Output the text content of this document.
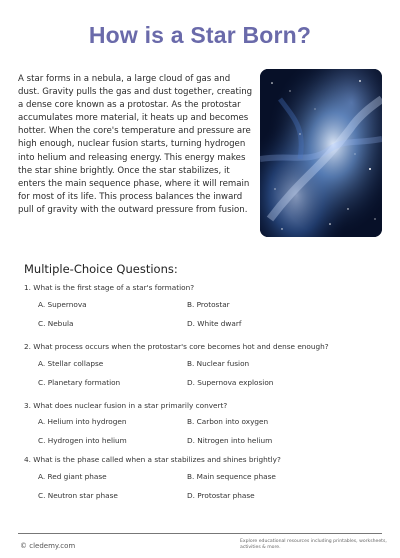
How is a Star Born?

A star forms in a nebula, a large cloud of gas and dust. Gravity pulls the gas and dust together, creating a dense core known as a protostar. As the protostar accumulates more material, it heats up and becomes hotter. When the core's temperature and pressure are high enough, nuclear fusion starts, turning hydrogen into helium and releasing energy. This energy makes the star shine brightly. Once the star stabilizes, it enters the main sequence phase, where it will remain for most of its life. This process balances the inward pull of gravity with the outward pressure from fusion.

Multiple-Choice Questions:
1. What is the first stage of a star's formation?
A. Supernova	B. Protostar
C. Nebula	D. White dwarf
2. What process occurs when the protostar's core becomes hot and dense enough?
A. Stellar collapse	B. Nuclear fusion
C. Planetary formation	D. Supernova explosion
3. What does nuclear fusion in a star primarily convert?
A. Helium into hydrogen	B. Carbon into oxygen
C. Hydrogen into helium	D. Nitrogen into helium
4. What is the phase called when a star stabilizes and shines brightly?
A. Red giant phase	B. Main sequence phase
C. Neutron star phase	D. Protostar phase
© cledemy.com
Explore educational resources including printables, worksheets, activities & more.
